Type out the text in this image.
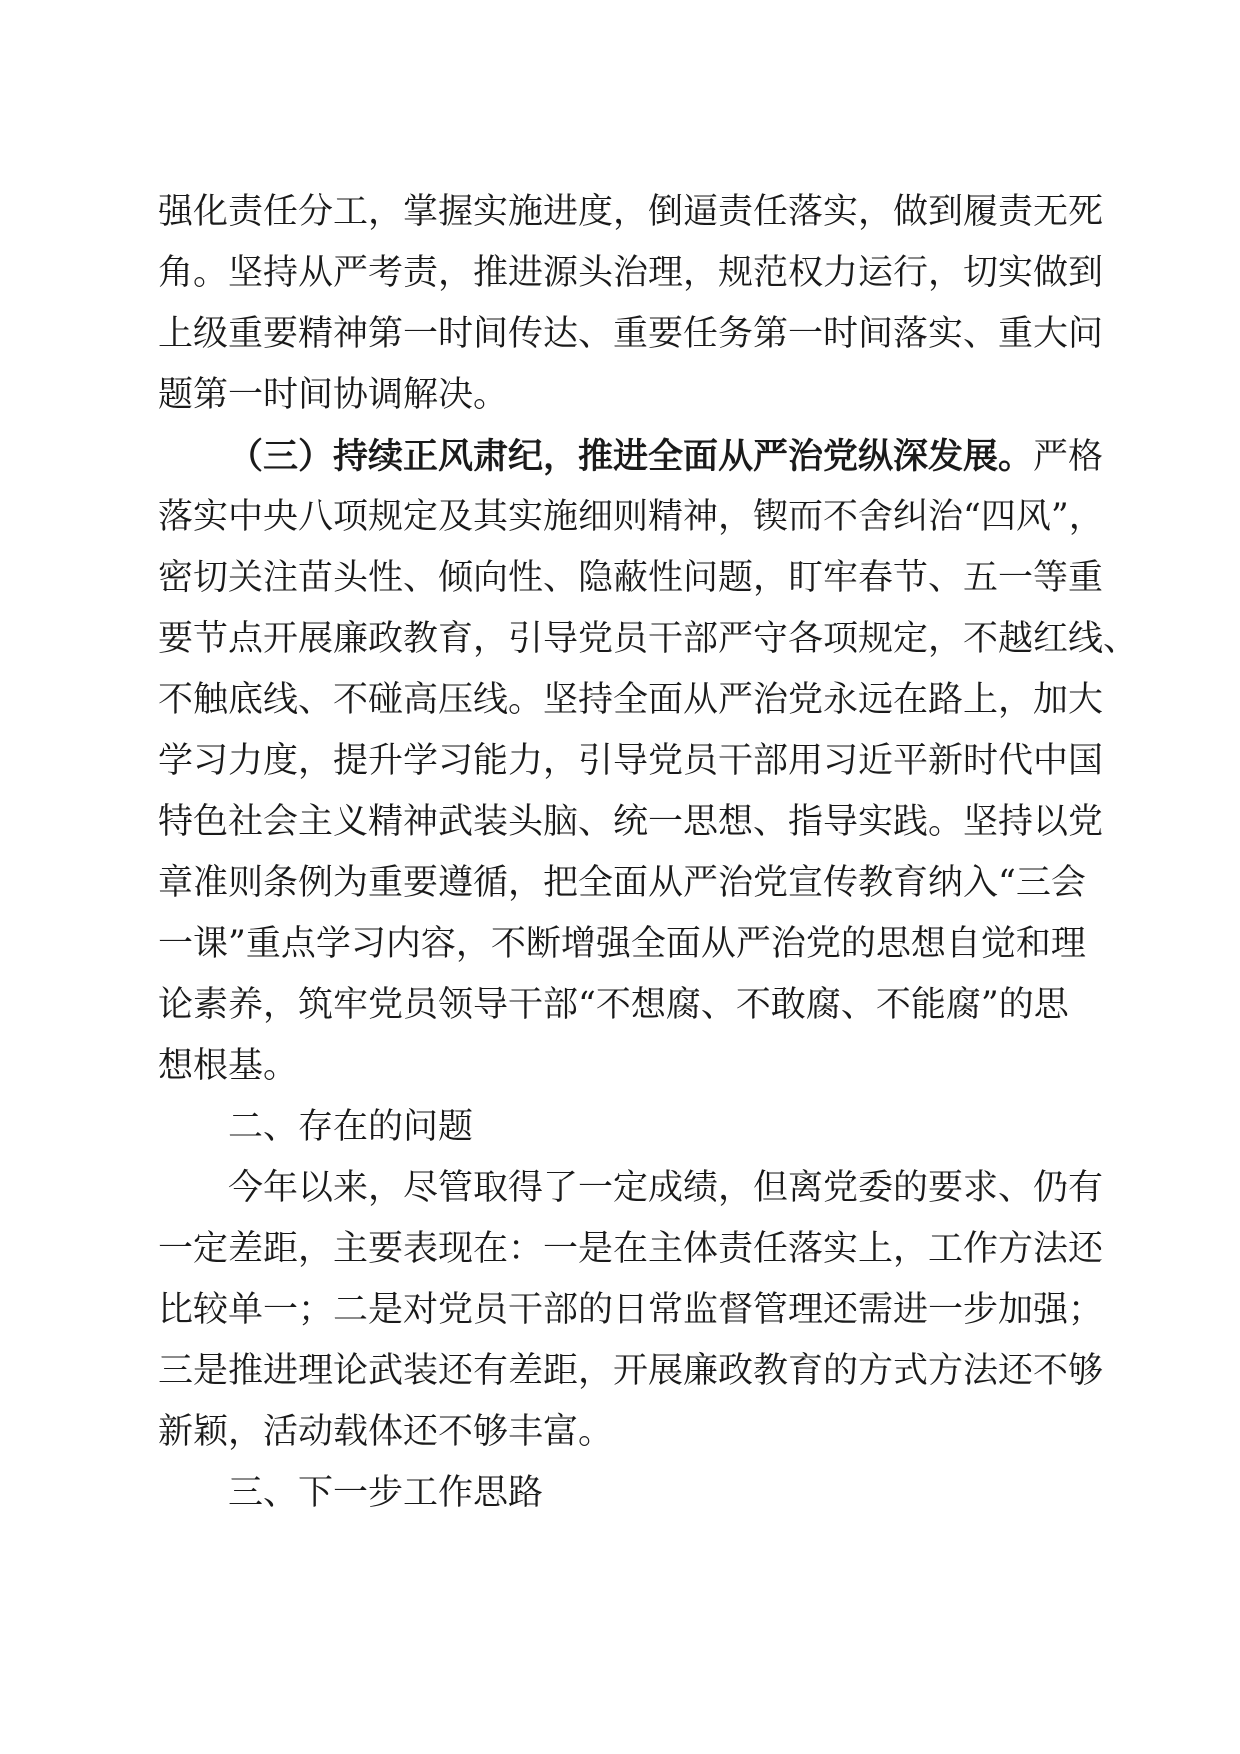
强化责任分工，掌握实施进度，倒逼责任落实，做到履责无死
角。坚持从严考责，推进源头治理，规范权力运行，切实做到
上级重要精神第一时间传达、重要任务第一时间落实、重大问
题第一时间协调解决。
（三）持续正风肃纪，推进全面从严治党纵深发展。严格
落实中央八项规定及其实施细则精神，锲而不舍纠治“四风”，
密切关注苗头性、倾向性、隐蔽性问题，盯牢春节、五一等重
要节点开展廉政教育，引导党员干部严守各项规定，不越红线、
不触底线、不碰高压线。坚持全面从严治党永远在路上，加大
学习力度，提升学习能力，引导党员干部用习近平新时代中国
特色社会主义精神武装头脑、统一思想、指导实践。坚持以党
章准则条例为重要遵循，把全面从严治党宣传教育纳入“三会
一课”重点学习内容，不断增强全面从严治党的思想自觉和理
论素养，筑牢党员领导干部“不想腐、不敢腐、不能腐”的思
想根基。
二、存在的问题
今年以来，尽管取得了一定成绩，但离党委的要求、仍有
一定差距，主要表现在：一是在主体责任落实上，工作方法还
比较单一；二是对党员干部的日常监督管理还需进一步加强；
三是推进理论武装还有差距，开展廉政教育的方式方法还不够
新颖，活动载体还不够丰富。
三、下一步工作思路
